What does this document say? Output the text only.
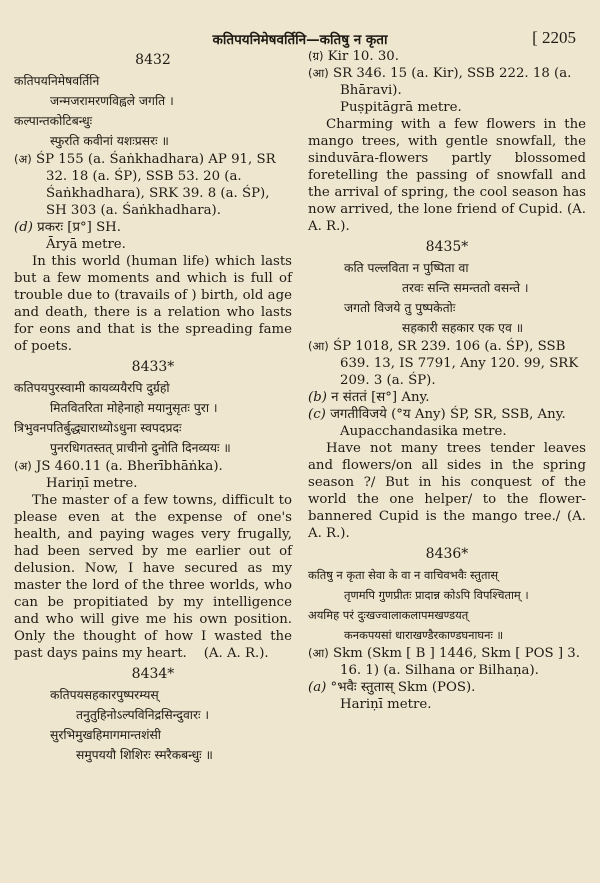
कतिपयनिमेषवर्तिनि—कतिषु न कृता	[ 2205
8432
कतिपयनिमेषवर्तिनि
जन्मजरामरणविह्वले जगति ।
कल्पान्तकोटिबन्धुः
स्फुरति कवीनां यशःप्रसरः ॥

(अ) ŚP 155 (a. Śaṅkhadhara) AP 91, SR 32. 18 (a. ŚP), SSB 53. 20 (a. Śaṅkhadhara), SRK 39. 8 (a. ŚP), SH 303 (a. Śaṅkhadhara).

(d) प्रकरः [प्र°] SH.

Āryā metre.

In this world (human life) which lasts but a few moments and which is full of trouble due to (travails of ) birth, old age and death, there is a relation who lasts for eons and that is the spreading fame of poets.

8433*
कतिपयपुरस्वामी कायव्ययैरपि दुर्ग्रहो
मितवितरिता मोहेनाहो मयानुसृतः पुरा ।
त्रिभुवनपतिर्बुद्ध्याराध्योऽधुना स्वपदप्रदः
पुनरधिगतस्तत् प्राचीनो दुनोति दिनव्ययः ॥

(अ) JS 460.11 (a. Bherībhāṅka).

Hariṇī metre.

The master of a few towns, difficult to please even at the expense of one's health, and paying wages very frugally, had been served by me earlier out of delusion. Now, I have secured as my master the lord of the three worlds, who can be propitiated by my intelligence and who will give me his own position. Only the thought of how I wasted the past days pains my heart. (A. A. R.).

8434*
कतिपयसहकारपुष्परम्यस्
तनुतुहिनोऽल्पविनिद्रसिन्दुवारः ।
सुरभिमुखहिमागमान्तशंसी
समुपययौ शिशिरः स्मरैकबन्धुः ॥

(ग्र) Kir 10. 30.

(आ) SR 346. 15 (a. Kir), SSB 222. 18 (a. Bhāravi).

Puṣpitāgrā metre.

Charming with a few flowers in the mango trees, with gentle snowfall, the sinduvāra-flowers partly blossomed foretelling the passing of snowfall and the arrival of spring, the cool season has now arrived, the lone friend of Cupid. (A. A. R.).

8435*
कति पल्लविता न पुष्पिता वा
तरवः सन्ति समन्ततो वसन्ते ।
जगतो विजये तु पुष्पकेतोः
सहकारी सहकार एक एव ॥

(आ) ŚP 1018, SR 239. 106 (a. ŚP), SSB 639. 13, IS 7791, Any 120. 99, SRK 209. 3 (a. ŚP).

(b) न संततं [स°] Any.

(c) जगतीविजये (°य Any) ŚP, SR, SSB, Any.

Aupacchandasika metre.

Have not many trees tender leaves and flowers/on all sides in the spring season ?/ But in his conquest of the world the one helper/ to the flower-bannered Cupid is the mango tree./ (A. A. R.).

8436*
कतिषु न कृता सेवा के वा न वाचिवभवैः स्तुतास्
तृणमपि गुणप्रीतः प्रादान्न कोऽपि विपश्चिताम् ।
अयमिह परं दुःखज्वालाकलापमखण्डयत्
कनकपयसां धाराखण्डैरकाण्डघनाघनः ॥

(आ) Skm (Skm [ B ] 1446, Skm [ POS ] 3. 16. 1) (a. Silhana or Bilhaṇa).

(a) °भवैः स्तुतास् Skm (POS).

Hariṇī metre.
